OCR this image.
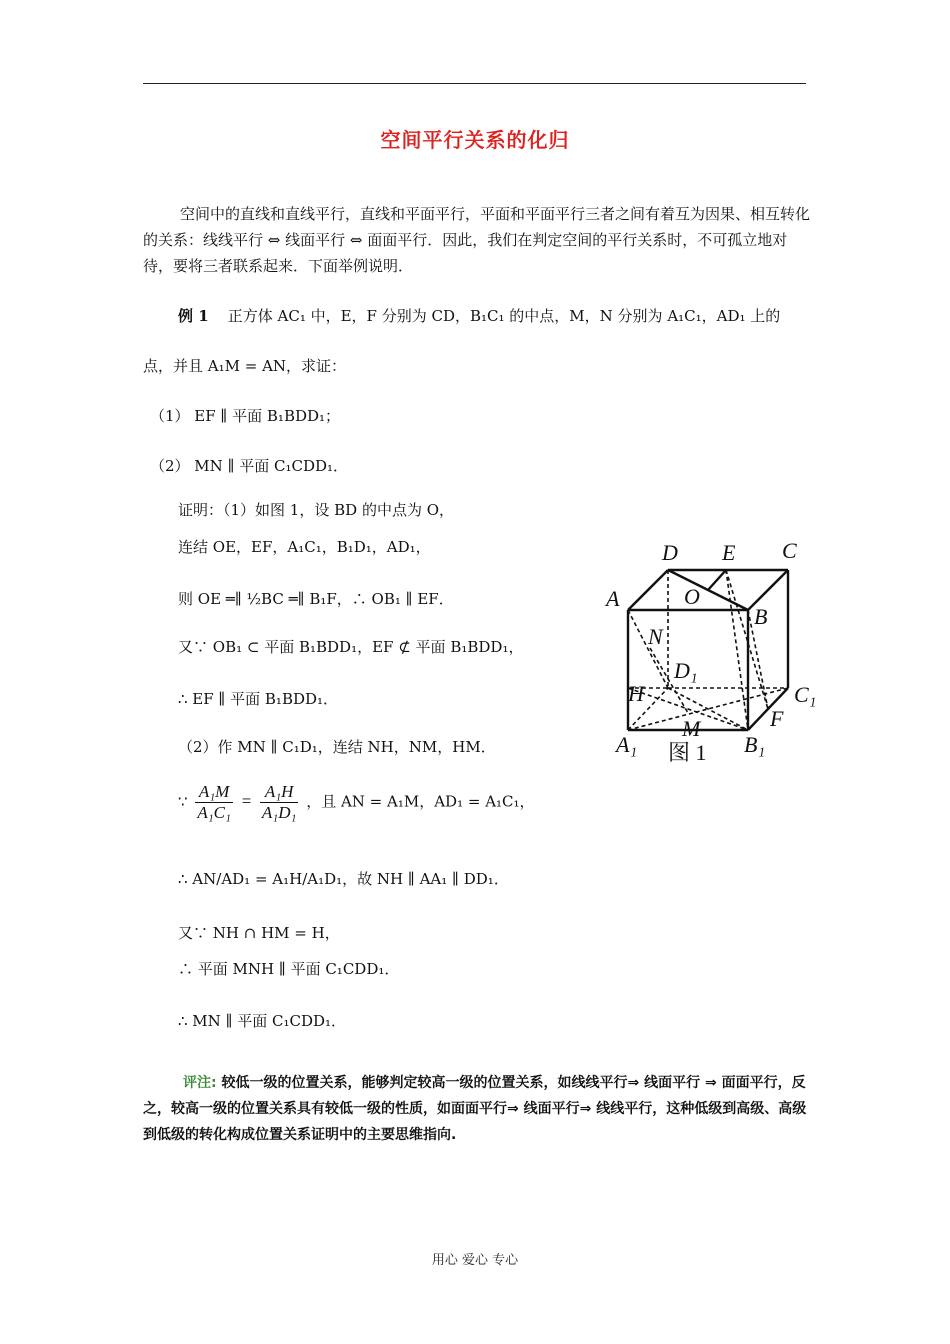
空间平行关系的化归

空间中的直线和直线平行，直线和平面平行，平面和平面平行三者之间有着互为因果、相互转化的关系：线线平行 ⇔ 线面平行 ⇔ 面面平行．因此，我们在判定空间的平行关系时，不可孤立地对待，要将三者联系起来．下面举例说明．

例 1 正方体 AC₁ 中，E，F 分别为 CD，B₁C₁ 的中点，M，N 分别为 A₁C₁，AD₁ 上的
点，并且 A₁M = AN，求证：
（1） EF ∥ 平面 B₁BDD₁；
（2） MN ∥ 平面 C₁CDD₁．
证明：（1）如图 1，设 BD 的中点为 O，
连结 OE，EF，A₁C₁，B₁D₁，AD₁，
则 OE ═∥ ½BC ═∥ B₁F，∴ OB₁ ∥ EF．
又∵ OB₁ ⊂ 平面 B₁BDD₁，EF ⊄ 平面 B₁BDD₁，
∴ EF ∥ 平面 B₁BDD₁．
（2）作 MN ∥ C₁D₁，连结 NH，NM，HM．
∵ $\frac{\text{A₁M}}{\text{A₁C₁}} = \frac{\text{A₁H}}{\text{A₁D₁}}$ ，且 AN = A₁M，AD₁ = A₁C₁，
∴ AN/AD₁ = A₁H/A₁D₁，故 NH ∥ AA₁ ∥ DD₁．
又∵ NH ∩ HM = H，
∴ 平面 MNH ∥ 平面 C₁CDD₁．
∴ MN ∥ 平面 C₁CDD₁．
D E C
A	O
B
N
D₁
H	C₁
M	F
A₁	B₁
图 1

评注: 较低一级的位置关系，能够判定较高一级的位置关系，如线线平行⇒ 线面平行 ⇒ 面面平行，反之，较高一级的位置关系具有较低一级的性质，如面面平行⇒ 线面平行⇒ 线线平行，这种低级到高级、高级到低级的转化构成位置关系证明中的主要思维指向.

用心 爱心 专心
